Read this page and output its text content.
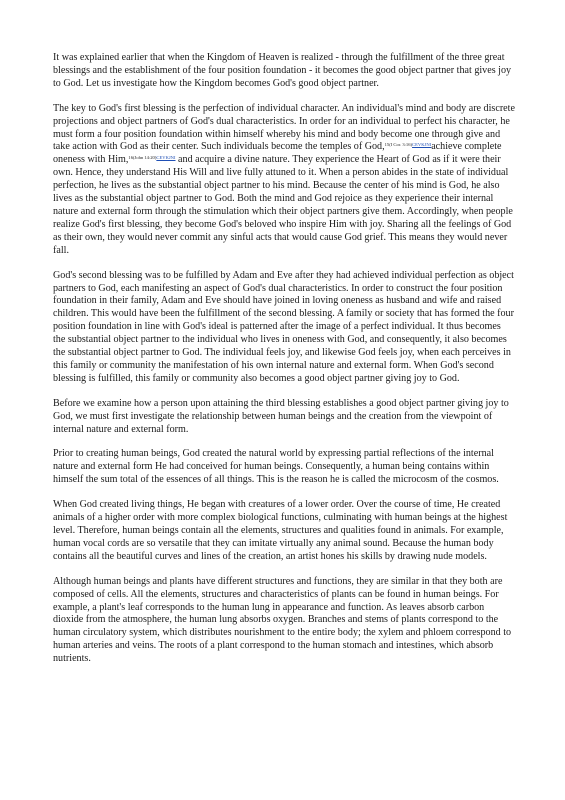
It was explained earlier that when the Kingdom of Heaven is realized - through the fulfillment of the three great blessings and the establishment of the four position foundation - it becomes the good object partner that gives joy to God. Let us investigate how the Kingdom becomes God's good object partner.

The key to God's first blessing is the perfection of individual character. An individual's mind and body are discrete projections and object partners of God's dual characteristics. In order for an individual to perfect his character, he must form a four position foundation within himself whereby his mind and body become one through give and take action with God as their center. Such individuals become the temples of God,$^{15(I Cor. 3:16)CEVKJNI}$achieve complete oneness with Him,$^{16(John 14:20)CEVKJNI}$ and acquire a divine nature. They experience the Heart of God as if it were their own. Hence, they understand His Will and live fully attuned to it. When a person abides in the state of individual perfection, he lives as the substantial object partner to his mind. Because the center of his mind is God, he also lives as the substantial object partner to God. Both the mind and God rejoice as they experience their internal nature and external form through the stimulation which their object partners give them. Accordingly, when people realize God's first blessing, they become God's beloved who inspire Him with joy. Sharing all the feelings of God as their own, they would never commit any sinful acts that would cause God grief. This means they would never fall.

God's second blessing was to be fulfilled by Adam and Eve after they had achieved individual perfection as object partners to God, each manifesting an aspect of God's dual characteristics. In order to construct the four position foundation in their family, Adam and Eve should have joined in loving oneness as husband and wife and raised children. This would have been the fulfillment of the second blessing. A family or society that has formed the four position foundation in line with God's ideal is patterned after the image of a perfect individual. It thus becomes the substantial object partner to the individual who lives in oneness with God, and consequently, it also becomes the substantial object partner to God. The individual feels joy, and likewise God feels joy, when each perceives in this family or community the manifestation of his own internal nature and external form. When God's second blessing is fulfilled, this family or community also becomes a good object partner giving joy to God.

Before we examine how a person upon attaining the third blessing establishes a good object partner giving joy to God, we must first investigate the relationship between human beings and the creation from the viewpoint of internal nature and external form.

Prior to creating human beings, God created the natural world by expressing partial reflections of the internal nature and external form He had conceived for human beings. Consequently, a human being contains within himself the sum total of the essences of all things. This is the reason he is called the microcosm of the cosmos.

When God created living things, He began with creatures of a lower order. Over the course of time, He created animals of a higher order with more complex biological functions, culminating with human beings at the highest level. Therefore, human beings contain all the elements, structures and qualities found in animals. For example, human vocal cords are so versatile that they can imitate virtually any animal sound. Because the human body contains all the beautiful curves and lines of the creation, an artist hones his skills by drawing nude models.

Although human beings and plants have different structures and functions, they are similar in that they both are composed of cells. All the elements, structures and characteristics of plants can be found in human beings. For example, a plant's leaf corresponds to the human lung in appearance and function. As leaves absorb carbon dioxide from the atmosphere, the human lung absorbs oxygen. Branches and stems of plants correspond to the human circulatory system, which distributes nourishment to the entire body; the xylem and phloem correspond to human arteries and veins. The roots of a plant correspond to the human stomach and intestines, which absorb nutrients.
